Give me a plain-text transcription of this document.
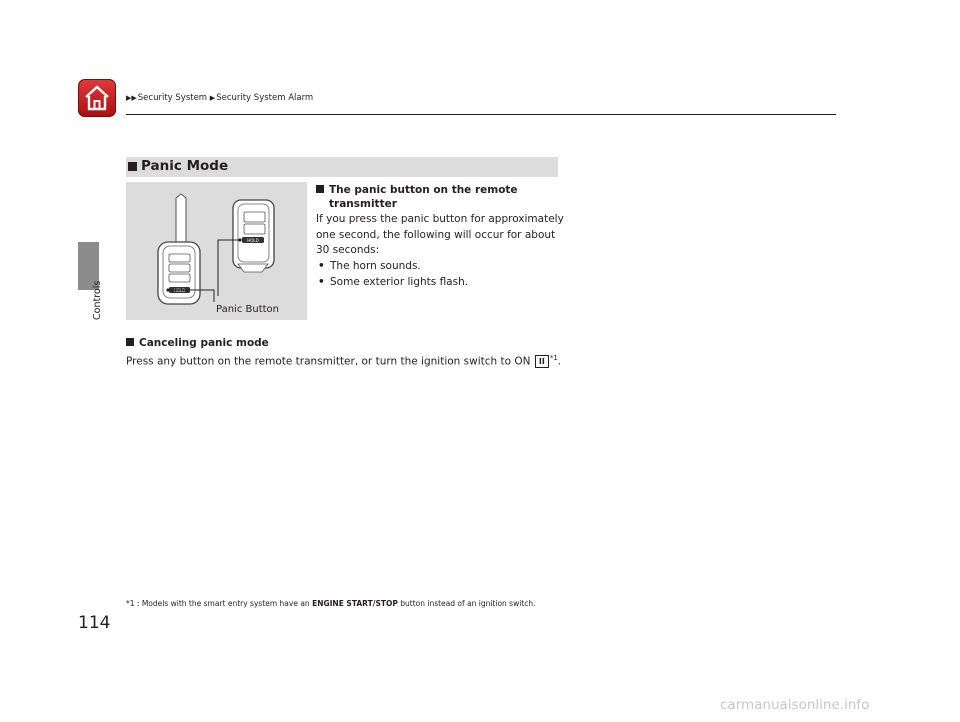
▶▶Security System ▶Security System Alarm
Controls
114
Panic Mode
HOLD
HOLD
Panic Button
The panic button on the remote
transmitter
If you press the panic button for approximately one second, the following will occur for about 30 seconds:
• The horn sounds.
• Some exterior lights flash.
Canceling panic mode
Press any button on the remote transmitter, or turn the ignition switch to ON II $^{*1}$.
*1 : Models with the smart entry system have an ENGINE START/STOP button instead of an ignition switch.
carmanualsonline.info
